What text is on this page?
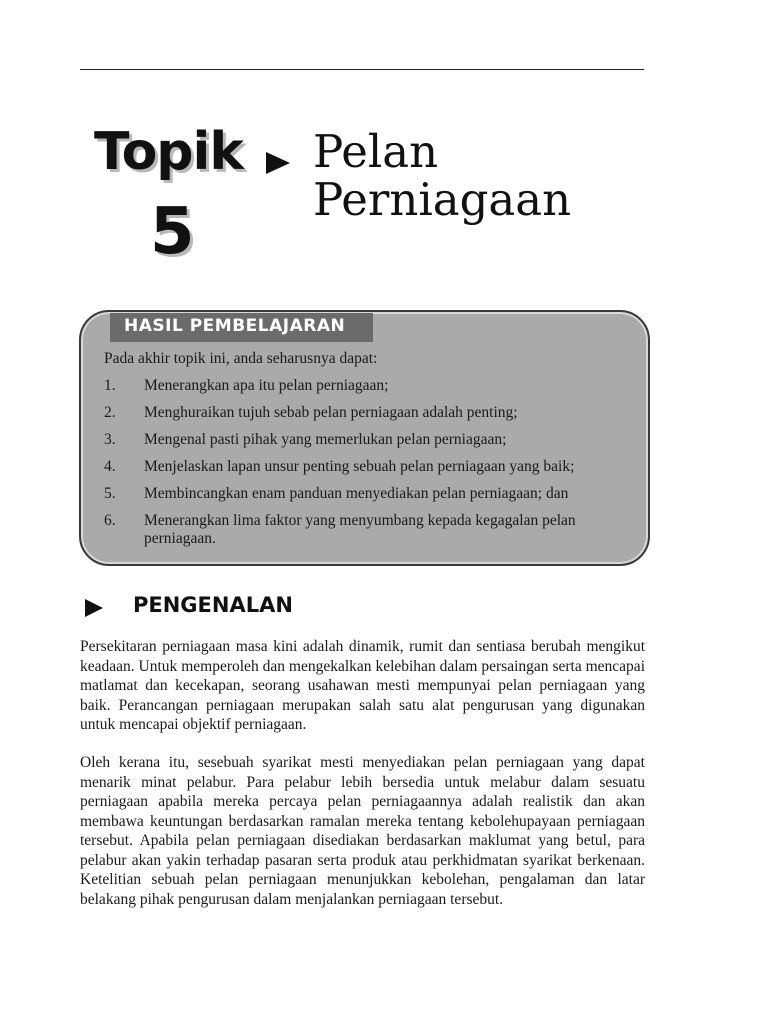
Topik
5
Pelan
Perniagaan
HASIL PEMBELAJARAN
Pada akhir topik ini, anda seharusnya dapat:
1.	Menerangkan apa itu pelan perniagaan;
2.	Menghuraikan tujuh sebab pelan perniagaan adalah penting;
3.	Mengenal pasti pihak yang memerlukan pelan perniagaan;
4.	Menjelaskan lapan unsur penting sebuah pelan perniagaan yang baik;
5.	Membincangkan enam panduan menyediakan pelan perniagaan; dan
6.	Menerangkan lima faktor yang menyumbang kepada kegagalan pelan perniagaan.
PENGENALAN

Persekitaran perniagaan masa kini adalah dinamik, rumit dan sentiasa berubah mengikut keadaan. Untuk memperoleh dan mengekalkan kelebihan dalam persaingan serta mencapai matlamat dan kecekapan, seorang usahawan mesti mempunyai pelan perniagaan yang baik. Perancangan perniagaan merupakan salah satu alat pengurusan yang digunakan untuk mencapai objektif perniagaan.

Oleh kerana itu, sesebuah syarikat mesti menyediakan pelan perniagaan yang dapat menarik minat pelabur. Para pelabur lebih bersedia untuk melabur dalam sesuatu perniagaan apabila mereka percaya pelan perniagaannya adalah realistik dan akan membawa keuntungan berdasarkan ramalan mereka tentang kebolehupayaan perniagaan tersebut. Apabila pelan perniagaan disediakan berdasarkan maklumat yang betul, para pelabur akan yakin terhadap pasaran serta produk atau perkhidmatan syarikat berkenaan. Ketelitian sebuah pelan perniagaan menunjukkan kebolehan, pengalaman dan latar belakang pihak pengurusan dalam menjalankan perniagaan tersebut.
